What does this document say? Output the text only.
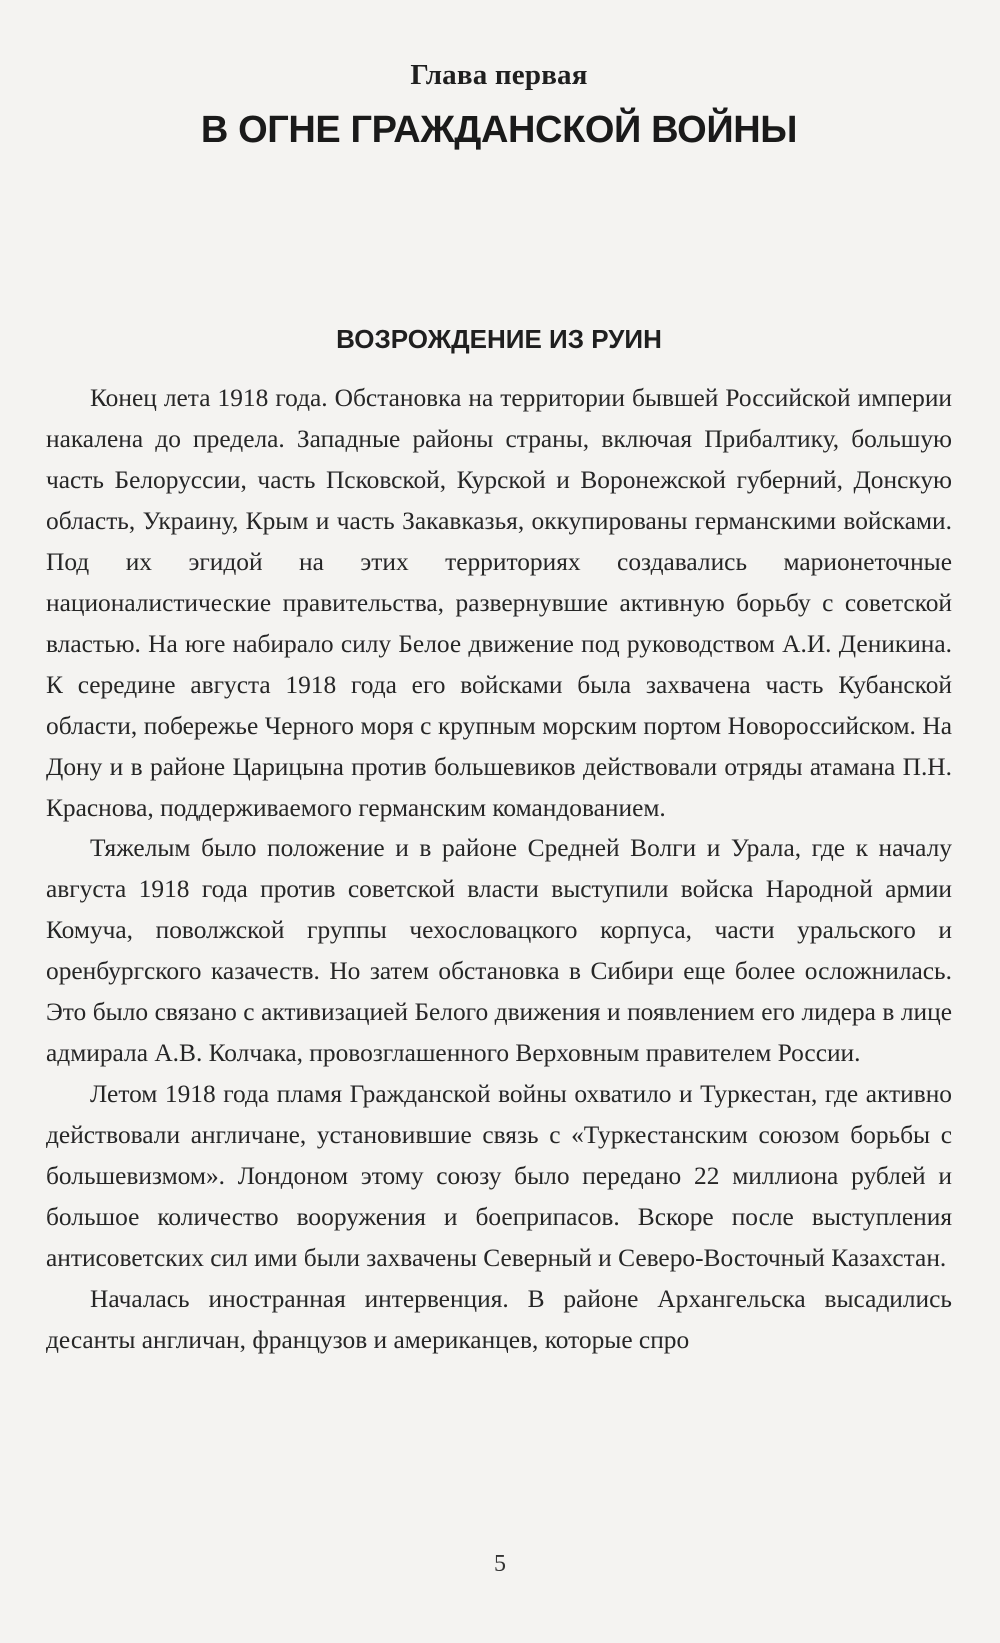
Глава первая
В ОГНЕ ГРАЖДАНСКОЙ ВОЙНЫ
ВОЗРОЖДЕНИЕ ИЗ РУИН

Конец лета 1918 года. Обстановка на территории бывшей Российской империи накалена до предела. Западные районы страны, включая Прибалтику, большую часть Белоруссии, часть Псковской, Курской и Воронежской губерний, Донскую область, Украину, Крым и часть Закавказья, оккупированы германскими войсками. Под их эгидой на этих территориях создавались марионеточные националистические правительства, развернувшие активную борьбу с советской властью. На юге набирало силу Белое движение под руководством А.И. Деникина. К середине августа 1918 года его войсками была захвачена часть Кубанской области, побережье Черного моря с крупным морским портом Новороссийском. На Дону и в районе Царицына против большевиков действовали отряды атамана П.Н. Краснова, поддерживаемого германским командованием.

Тяжелым было положение и в районе Средней Волги и Урала, где к началу августа 1918 года против советской власти выступили войска Народной армии Комуча, поволжской группы чехословацкого корпуса, части уральского и оренбургского казачеств. Но затем обстановка в Сибири еще более осложнилась. Это было связано с активизацией Белого движения и появлением его лидера в лице адмирала А.В. Колчака, провозглашенного Верховным правителем России.

Летом 1918 года пламя Гражданской войны охватило и Туркестан, где активно действовали англичане, установившие связь с «Туркестанским союзом борьбы с большевизмом». Лондоном этому союзу было передано 22 миллиона рублей и большое количество вооружения и боеприпасов. Вскоре после выступления антисоветских сил ими были захвачены Северный и Северо-Восточный Казахстан.

Началась иностранная интервенция. В районе Архангельска высадились десанты англичан, французов и американцев, которые спро

5
